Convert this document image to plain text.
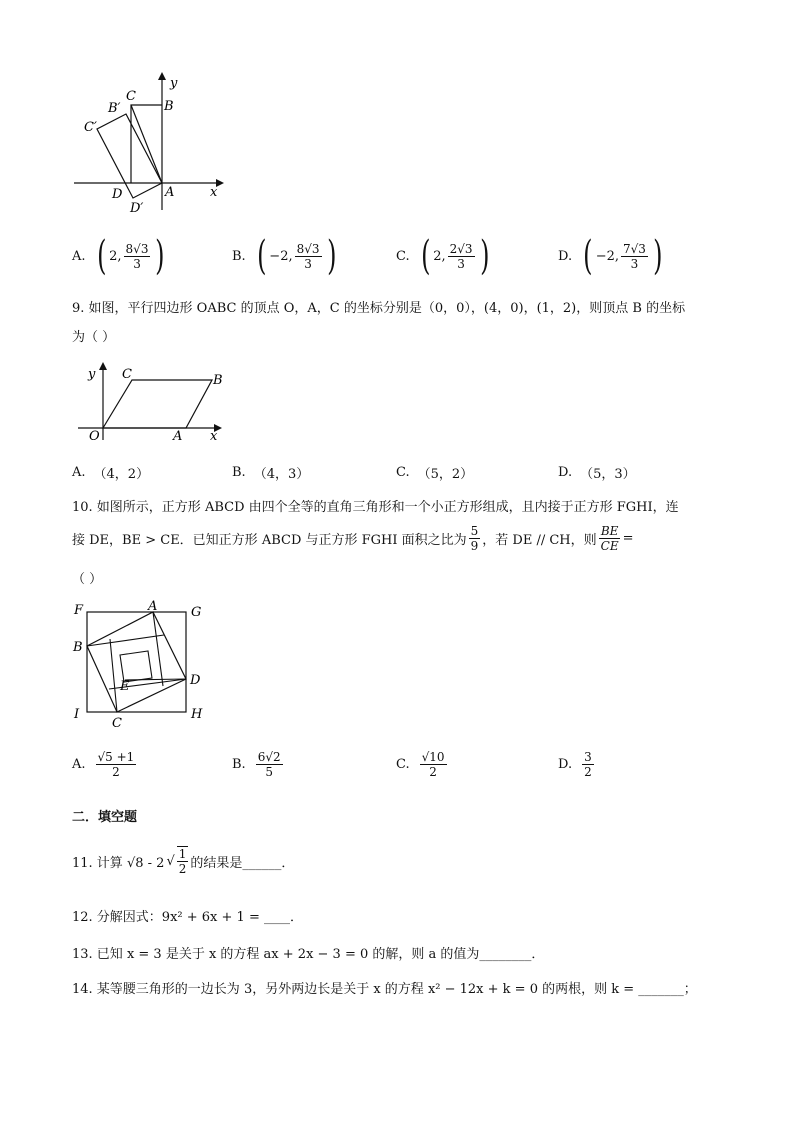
y
x
B
C
B′
C′
D	A
D′
A. ( 2, $\frac{8√3}{3}$ )	B. ( −2, $\frac{8√3}{3}$ )	C. ( 2, $\frac{2√3}{3}$ )	D. ( −2, $\frac{7√3}{3}$ )
9. 如图，平行四边形 OABC 的顶点 O，A，C 的坐标分别是（0，0），(4，0)，(1，2)，则顶点 B 的坐标
为（ ）
y C	B
O	A x
A. （4，2）	B. （4，3）	C. （5，2）	D. （5，3）
10. 如图所示，正方形 ABCD 由四个全等的直角三角形和一个小正方形组成，且内接于正方形 FGHI，连
接 DE，BE > CE．已知正方形 ABCD 与正方形 FGHI 面积之比为 $\frac{5}{9}$ ，若 DE // CH，则 $\frac{BE}{CE}$ =
（ ）
F	A	G
B
D
E
I
C
H
A. $\frac{√5 +1}{2}$	B. $\frac{6√2}{5}$	C. $\frac{√10}{2}$	D. $\frac{3}{2}$
二．填空题
11. 计算 √8 - 2 √ $\frac{1}{2}$ 的结果是______．
12. 分解因式：9x² + 6x + 1 = ____．
13. 已知 x = 3 是关于 x 的方程 ax + 2x − 3 = 0 的解，则 a 的值为________．
14. 某等腰三角形的一边长为 3，另外两边长是关于 x 的方程 x² − 12x + k = 0 的两根，则 k = _______；
